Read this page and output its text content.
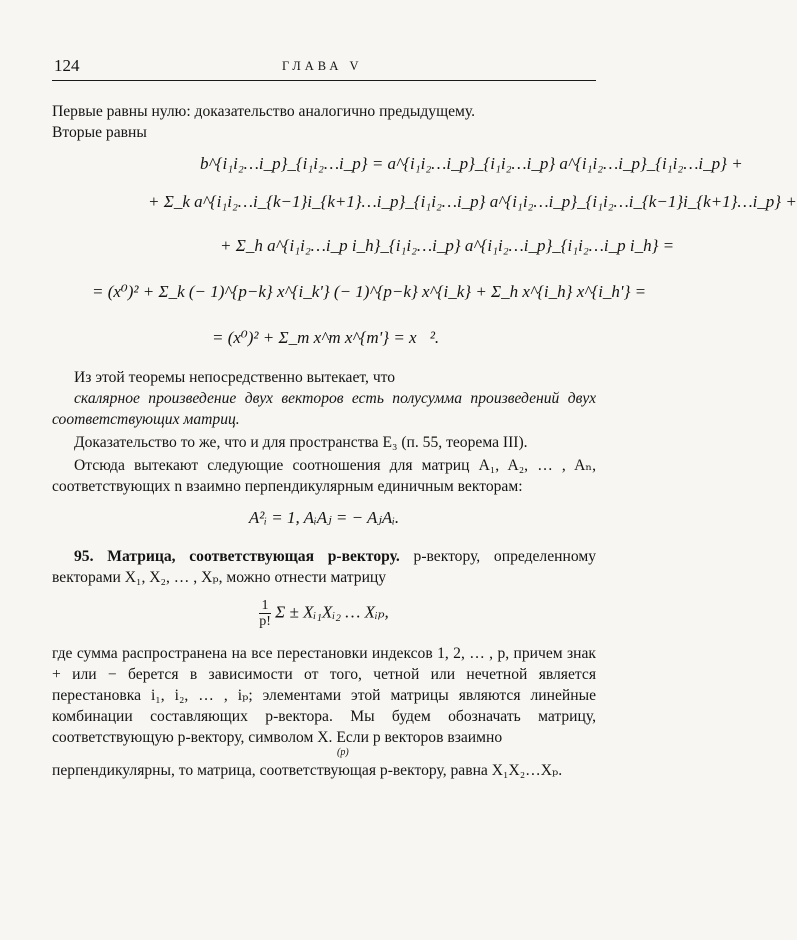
124	ГЛАВА V

Первые равны нулю: доказательство аналогично предыдущему.

Вторые равны

b^{i₁i₂…i_p}_{i₁i₂…i_p} = a^{i₁i₂…i_p}_{i₁i₂…i_p} a^{i₁i₂…i_p}_{i₁i₂…i_p} +
+ Σ_k a^{i₁i₂…i_{k−1}i_{k+1}…i_p}_{i₁i₂…i_p} a^{i₁i₂…i_p}_{i₁i₂…i_{k−1}i_{k+1}…i_p} +
+ Σ_h a^{i₁i₂…i_p i_h}_{i₁i₂…i_p} a^{i₁i₂…i_p}_{i₁i₂…i_p i_h} =
= (x⁰)² + Σ_k (− 1)^{p−k} x^{i_k'} (− 1)^{p−k} x^{i_k} + Σ_h x^{i_h} x^{i_h'} =
= (x⁰)² + Σ_m x^m x^{m'} = x⃗².

Из этой теоремы непосредственно вытекает, что

скалярное произведение двух векторов есть полусумма произведений двух соответствующих матриц.

Доказательство то же, что и для пространства E₃ (п. 55, теорема III).

Отсюда вытекают следующие соотношения для матриц A₁, A₂, … , Aₙ, соответствующих n взаимно перпендикулярным единичным векторам:

A²ᵢ = 1, AᵢAⱼ = − AⱼAᵢ.

95. Матрица, соответствующая p-вектору. p-вектору, определенному векторами X₁, X₂, … , Xₚ, можно отнести матрицу

$\frac{1}{p!}$ Σ ± Xᵢ₁Xᵢ₂ … Xᵢₚ,

где сумма распространена на все перестановки индексов 1, 2, … , p, причем знак + или − берется в зависимости от того, четной или нечетной является перестановка i₁, i₂, … , iₚ; элементами этой матрицы являются линейные комбинации составляющих p-вектора. Мы будем обозначать матрицу, соответствующую p-вектору, символом X. Если p векторов взаимно

(p)

перпендикулярны, то матрица, соответствующая p-вектору, равна X₁X₂…Xₚ.
